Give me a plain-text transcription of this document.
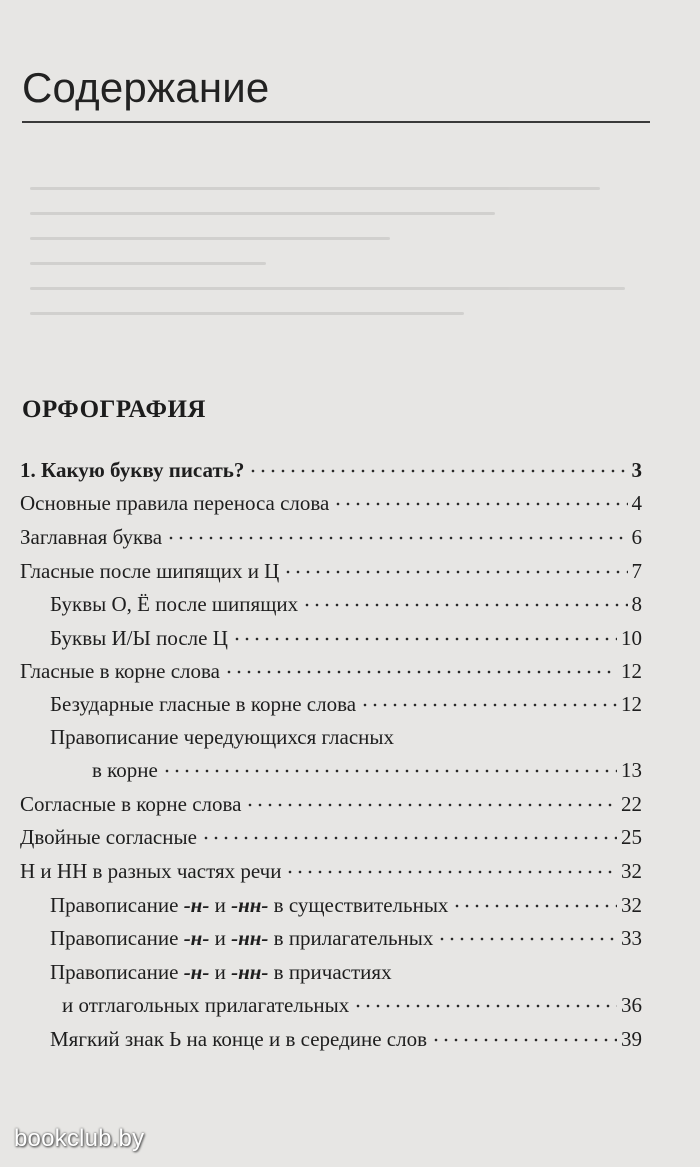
Содержание
ОРФОГРАФИЯ
1. Какую букву писать?	3
Основные правила переноса слова	4
Заглавная буква	6
Гласные после шипящих и Ц	7
Буквы О, Ё после шипящих	8
Буквы И/Ы после Ц	10
Гласные в корне слова	12
Безударные гласные в корне слова	12
Правописание чередующихся гласных
в корне	13
Согласные в корне слова	22
Двойные согласные	25
Н и НН в разных частях речи	32
Правописание -н- и -нн- в существительных	32
Правописание -н- и -нн- в прилагательных	33
Правописание -н- и -нн- в причастиях
и отглагольных прилагательных	36
Мягкий знак Ь на конце и в середине слов	39
bookclub.by
